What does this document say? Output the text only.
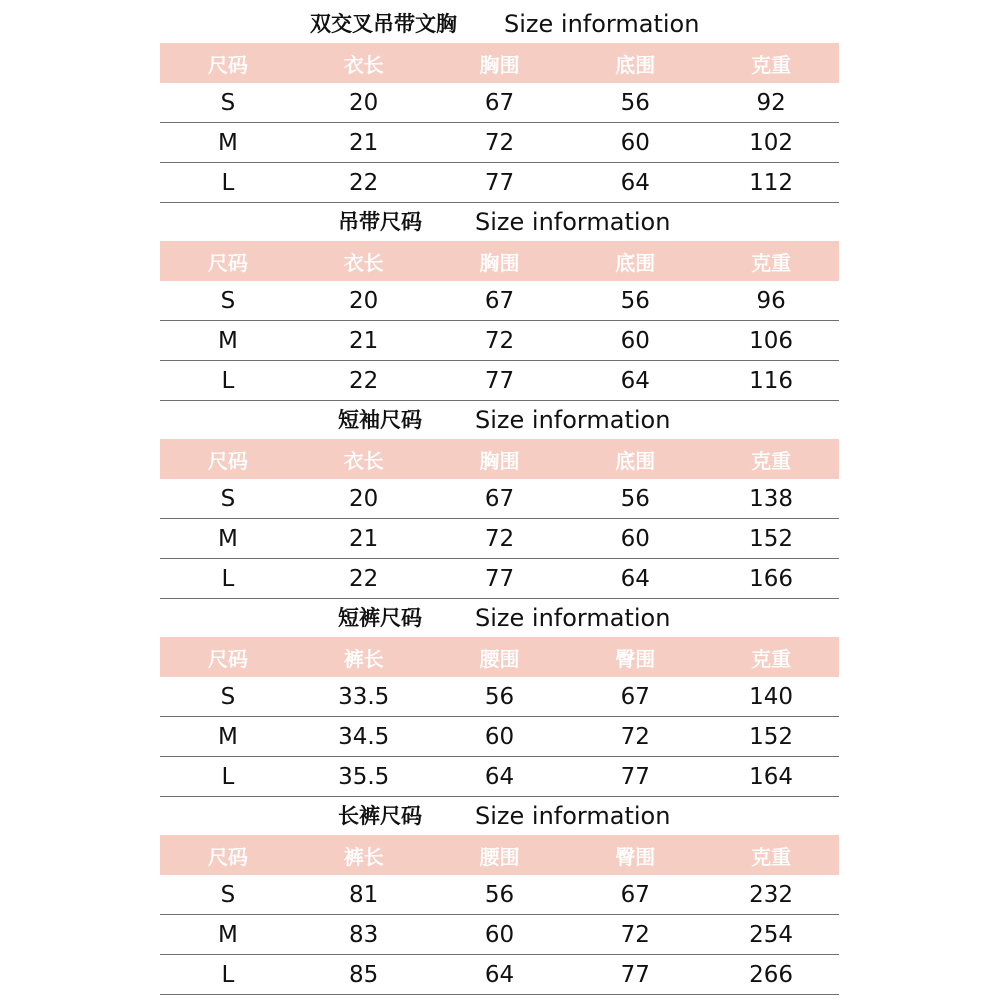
双交叉吊带文胸 Size information
尺码	衣长	胸围	底围	克重
S	20	67	56	92
M	21	72	60	102
L	22	77	64	112
吊带尺码 Size information
尺码	衣长	胸围	底围	克重
S	20	67	56	96
M	21	72	60	106
L	22	77	64	116
短袖尺码 Size information
尺码	衣长	胸围	底围	克重
S	20	67	56	138
M	21	72	60	152
L	22	77	64	166
短裤尺码 Size information
尺码	裤长	腰围	臀围	克重
S	33.5	56	67	140
M	34.5	60	72	152
L	35.5	64	77	164
长裤尺码 Size information
尺码	裤长	腰围	臀围	克重
S	81	56	67	232
M	83	60	72	254
L	85	64	77	266
